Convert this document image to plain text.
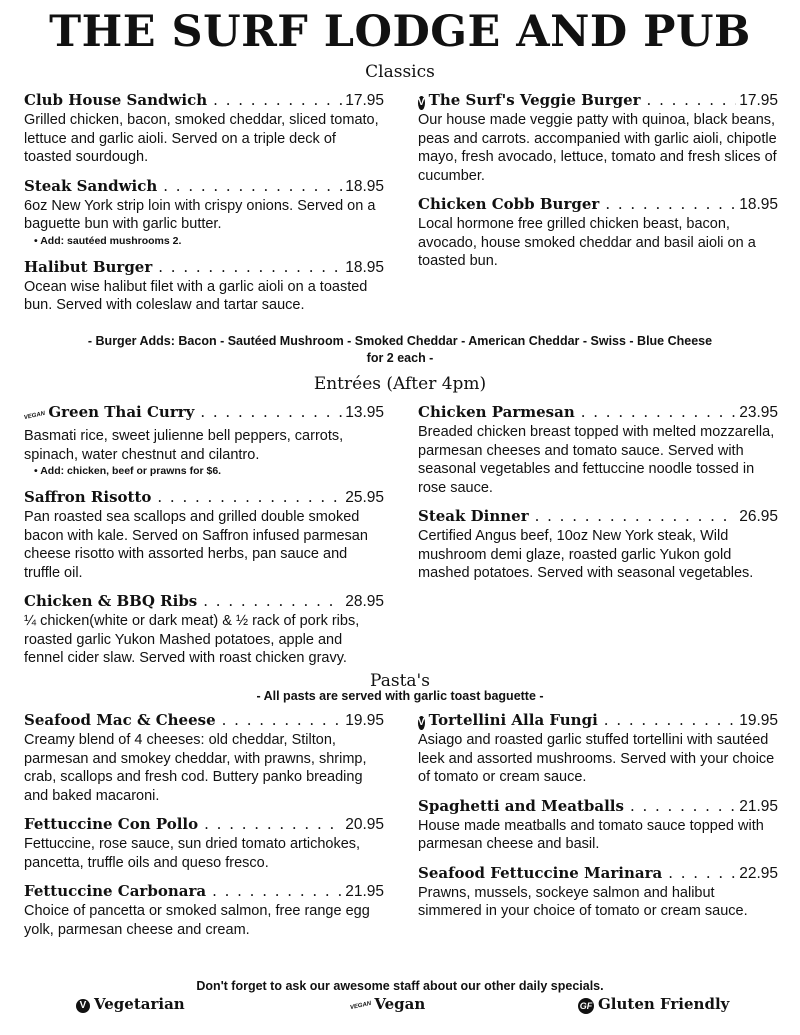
THE SURF LODGE AND PUB
Classics
Club House Sandwich . . .	17.95
Grilled chicken, bacon, smoked cheddar, sliced tomato, lettuce and garlic aioli. Served on a triple deck of toasted sourdough.
Steak Sandwich . . .	18.95
6oz New York strip loin with crispy onions. Served on a baguette bun with garlic butter.
• Add: sautéed mushrooms 2.
Halibut Burger . . .	18.95
Ocean wise halibut filet with a garlic aioli on a toasted bun. Served with coleslaw and tartar sauce.
V The Surf's Veggie Burger . . .	17.95
Our house made veggie patty with quinoa, black beans, peas and carrots. accompanied with garlic aioli, chipotle mayo, fresh avocado, lettuce, tomato and fresh slices of cucumber.
Chicken Cobb Burger . . .	18.95
Local hormone free grilled chicken beast, bacon, avocado, house smoked cheddar and basil aioli on a toasted bun.
- Burger Adds: Bacon - Sautéed Mushroom - Smoked Cheddar - American Cheddar - Swiss - Blue Cheese
for 2 each -
Entrées (After 4pm)
VEGAN Green Thai Curry . . .	13.95
Basmati rice, sweet julienne bell peppers, carrots, spinach, water chestnut and cilantro.
• Add: chicken, beef or prawns for $6.
Saffron Risotto . . .	25.95
Pan roasted sea scallops and grilled double smoked bacon with kale. Served on Saffron infused parmesan cheese risotto with assorted herbs, pan sauce and truffle oil.
Chicken & BBQ Ribs . . .	28.95
¼ chicken(white or dark meat) & ½ rack of pork ribs, roasted garlic Yukon Mashed potatoes, apple and fennel cider slaw. Served with roast chicken gravy.
Chicken Parmesan . . .	23.95
Breaded chicken breast topped with melted mozzarella, parmesan cheeses and tomato sauce. Served with seasonal vegetables and fettuccine noodle tossed in rose sauce.
Steak Dinner . . .	26.95
Certified Angus beef, 10oz New York steak, Wild mushroom demi glaze, roasted garlic Yukon gold mashed potatoes. Served with seasonal vegetables.
Pasta's
- All pasts are served with garlic toast baguette -
Seafood Mac & Cheese . . .	19.95
Creamy blend of 4 cheeses: old cheddar, Stilton, parmesan and smokey cheddar, with prawns, shrimp, crab, scallops and fresh cod. Buttery panko breading and baked macaroni.
Fettuccine Con Pollo . . .	20.95
Fettuccine, rose sauce, sun dried tomato artichokes, pancetta, truffle oils and queso fresco.
Fettuccine Carbonara . . .	21.95
Choice of pancetta or smoked salmon, free range egg yolk, parmesan cheese and cream.
V Tortellini Alla Fungi . . .	19.95
Asiago and roasted garlic stuffed tortellini with sautéed leek and assorted mushrooms. Served with your choice of tomato or cream sauce.
Spaghetti and Meatballs . . .	21.95
House made meatballs and tomato sauce topped with parmesan cheese and basil.
Seafood Fettuccine Marinara . . .	22.95
Prawns, mussels, sockeye salmon and halibut simmered in your choice of tomato or cream sauce.
Don't forget to ask our awesome staff about our other daily specials.
V Vegetarian	VEGAN Vegan	GF Gluten Friendly
